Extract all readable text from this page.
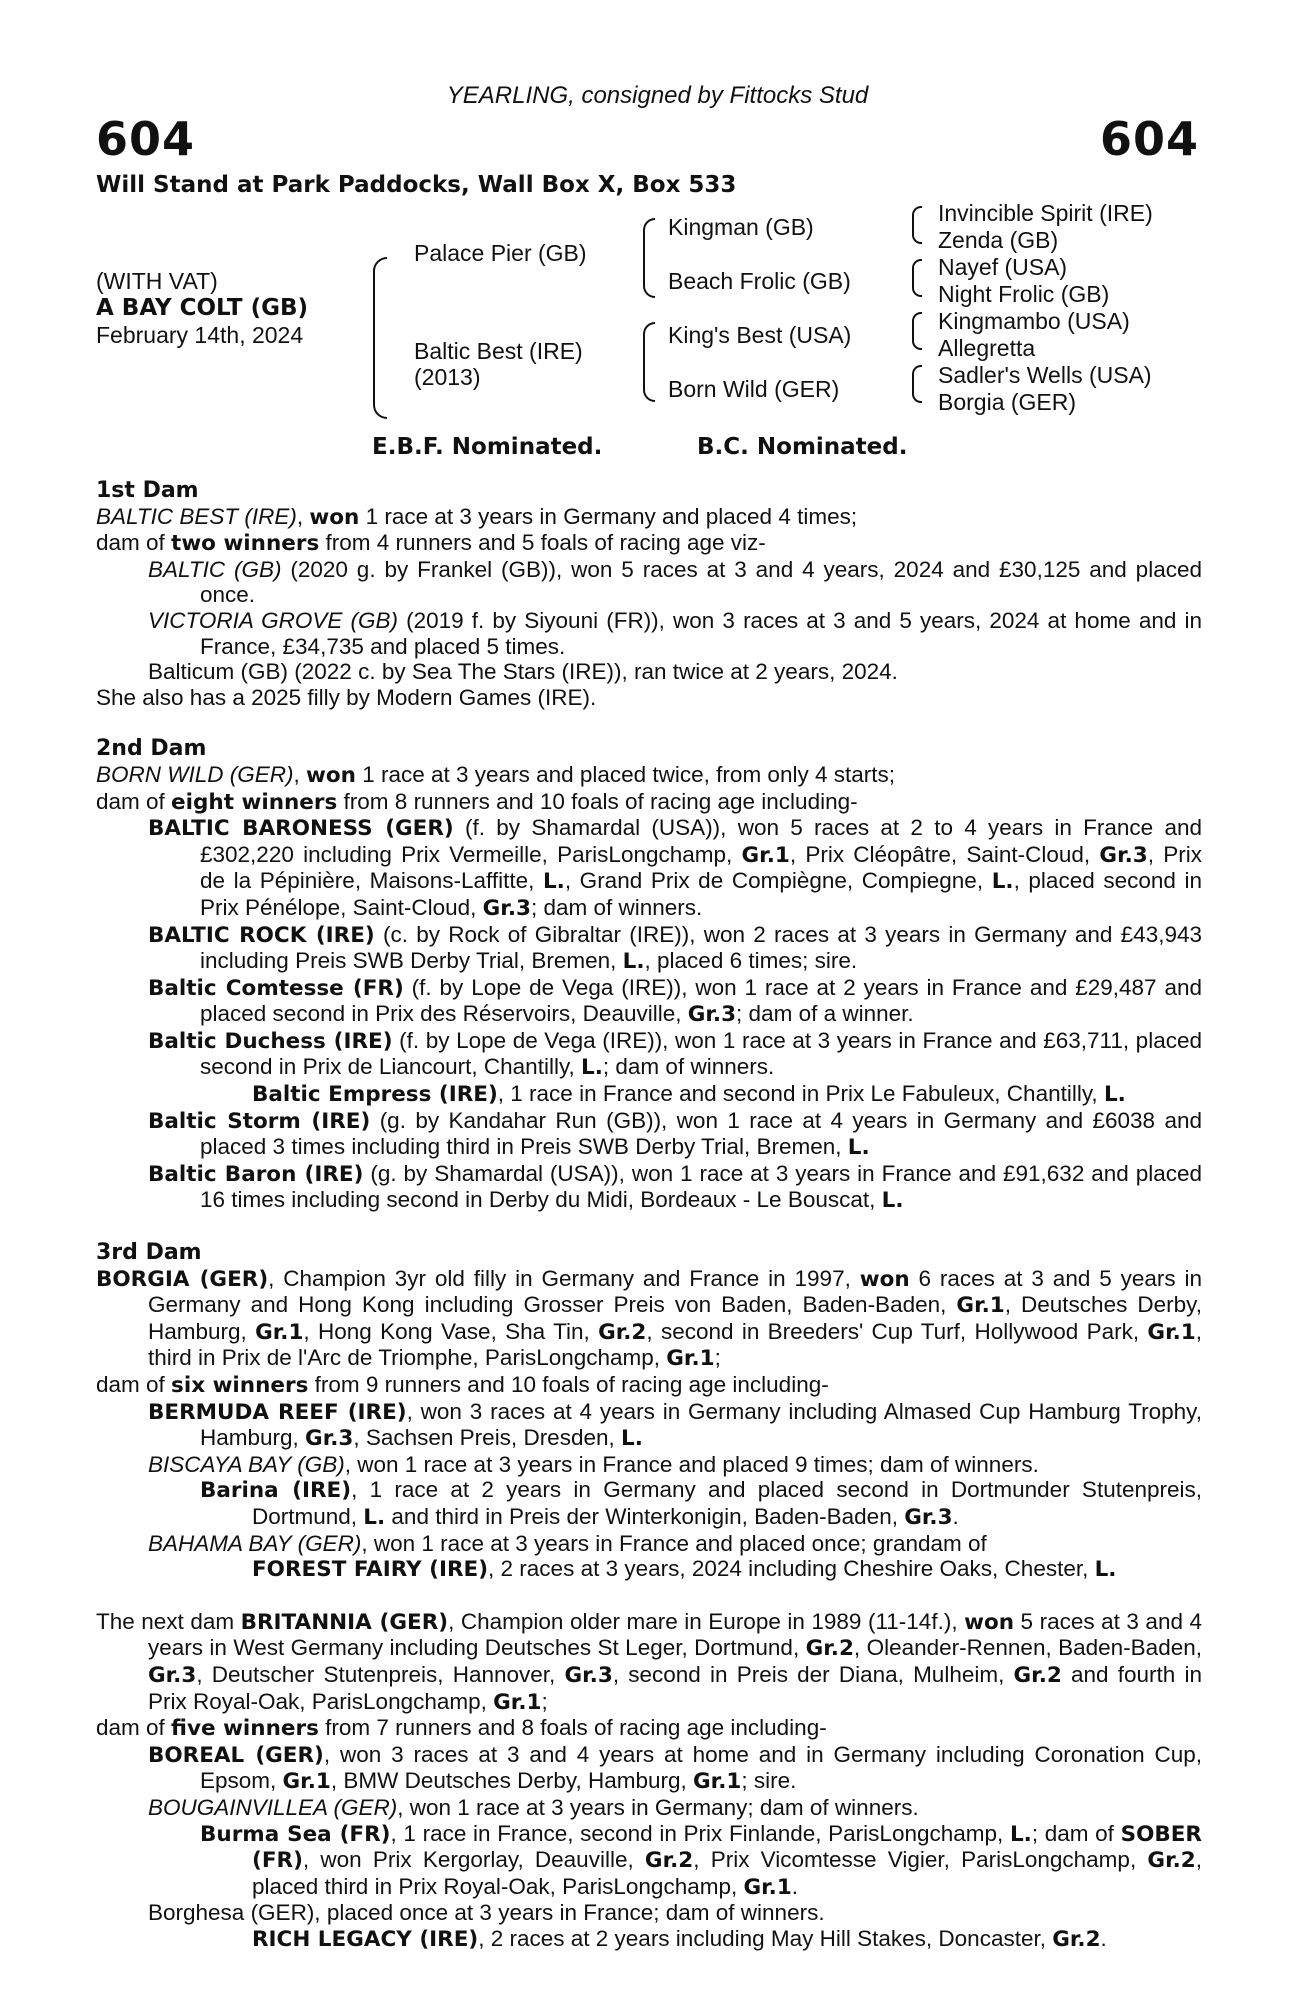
YEARLING, consigned by Fittocks Stud
604	604
Will Stand at Park Paddocks, Wall Box X, Box 533
(WITH VAT)
A BAY COLT (GB)
February 14th, 2024
Palace Pier (GB)
Baltic Best (IRE)
(2013)
Kingman (GB)
Beach Frolic (GB)
King's Best (USA)
Born Wild (GER)
Invincible Spirit (IRE)
Zenda (GB)
Nayef (USA)
Night Frolic (GB)
Kingmambo (USA)
Allegretta
Sadler's Wells (USA)
Borgia (GER)
E.B.F. Nominated.	B.C. Nominated.
1st Dam
BALTIC BEST (IRE), won 1 race at 3 years in Germany and placed 4 times;
dam of two winners from 4 runners and 5 foals of racing age viz-
BALTIC (GB) (2020 g. by Frankel (GB)), won 5 races at 3 and 4 years, 2024 and £30,125 and placed once.
VICTORIA GROVE (GB) (2019 f. by Siyouni (FR)), won 3 races at 3 and 5 years, 2024 at home and in France, £34,735 and placed 5 times.
Balticum (GB) (2022 c. by Sea The Stars (IRE)), ran twice at 2 years, 2024.
She also has a 2025 filly by Modern Games (IRE).
2nd Dam
BORN WILD (GER), won 1 race at 3 years and placed twice, from only 4 starts;
dam of eight winners from 8 runners and 10 foals of racing age including-
BALTIC BARONESS (GER) (f. by Shamardal (USA)), won 5 races at 2 to 4 years in France and £302,220 including Prix Vermeille, ParisLongchamp, Gr.1, Prix Cléopâtre, Saint-Cloud, Gr.3, Prix de la Pépinière, Maisons-Laffitte, L., Grand Prix de Compiègne, Compiegne, L., placed second in Prix Pénélope, Saint-Cloud, Gr.3; dam of winners.
BALTIC ROCK (IRE) (c. by Rock of Gibraltar (IRE)), won 2 races at 3 years in Germany and £43,943 including Preis SWB Derby Trial, Bremen, L., placed 6 times; sire.
Baltic Comtesse (FR) (f. by Lope de Vega (IRE)), won 1 race at 2 years in France and £29,487 and placed second in Prix des Réservoirs, Deauville, Gr.3; dam of a winner.
Baltic Duchess (IRE) (f. by Lope de Vega (IRE)), won 1 race at 3 years in France and £63,711, placed second in Prix de Liancourt, Chantilly, L.; dam of winners.
Baltic Empress (IRE), 1 race in France and second in Prix Le Fabuleux, Chantilly, L.
Baltic Storm (IRE) (g. by Kandahar Run (GB)), won 1 race at 4 years in Germany and £6038 and placed 3 times including third in Preis SWB Derby Trial, Bremen, L.
Baltic Baron (IRE) (g. by Shamardal (USA)), won 1 race at 3 years in France and £91,632 and placed 16 times including second in Derby du Midi, Bordeaux - Le Bouscat, L.
3rd Dam
BORGIA (GER), Champion 3yr old filly in Germany and France in 1997, won 6 races at 3 and 5 years in Germany and Hong Kong including Grosser Preis von Baden, Baden-Baden, Gr.1, Deutsches Derby, Hamburg, Gr.1, Hong Kong Vase, Sha Tin, Gr.2, second in Breeders' Cup Turf, Hollywood Park, Gr.1, third in Prix de l'Arc de Triomphe, ParisLongchamp, Gr.1;
dam of six winners from 9 runners and 10 foals of racing age including-
BERMUDA REEF (IRE), won 3 races at 4 years in Germany including Almased Cup Hamburg Trophy, Hamburg, Gr.3, Sachsen Preis, Dresden, L.
BISCAYA BAY (GB), won 1 race at 3 years in France and placed 9 times; dam of winners.
Barina (IRE), 1 race at 2 years in Germany and placed second in Dortmunder Stutenpreis, Dortmund, L. and third in Preis der Winterkonigin, Baden-Baden, Gr.3.
BAHAMA BAY (GER), won 1 race at 3 years in France and placed once; grandam of
FOREST FAIRY (IRE), 2 races at 3 years, 2024 including Cheshire Oaks, Chester, L.
The next dam BRITANNIA (GER), Champion older mare in Europe in 1989 (11-14f.), won 5 races at 3 and 4 years in West Germany including Deutsches St Leger, Dortmund, Gr.2, Oleander-Rennen, Baden-Baden, Gr.3, Deutscher Stutenpreis, Hannover, Gr.3, second in Preis der Diana, Mulheim, Gr.2 and fourth in Prix Royal-Oak, ParisLongchamp, Gr.1;
dam of five winners from 7 runners and 8 foals of racing age including-
BOREAL (GER), won 3 races at 3 and 4 years at home and in Germany including Coronation Cup, Epsom, Gr.1, BMW Deutsches Derby, Hamburg, Gr.1; sire.
BOUGAINVILLEA (GER), won 1 race at 3 years in Germany; dam of winners.
Burma Sea (FR), 1 race in France, second in Prix Finlande, ParisLongchamp, L.; dam of SOBER (FR), won Prix Kergorlay, Deauville, Gr.2, Prix Vicomtesse Vigier, ParisLongchamp, Gr.2, placed third in Prix Royal-Oak, ParisLongchamp, Gr.1.
Borghesa (GER), placed once at 3 years in France; dam of winners.
RICH LEGACY (IRE), 2 races at 2 years including May Hill Stakes, Doncaster, Gr.2.
